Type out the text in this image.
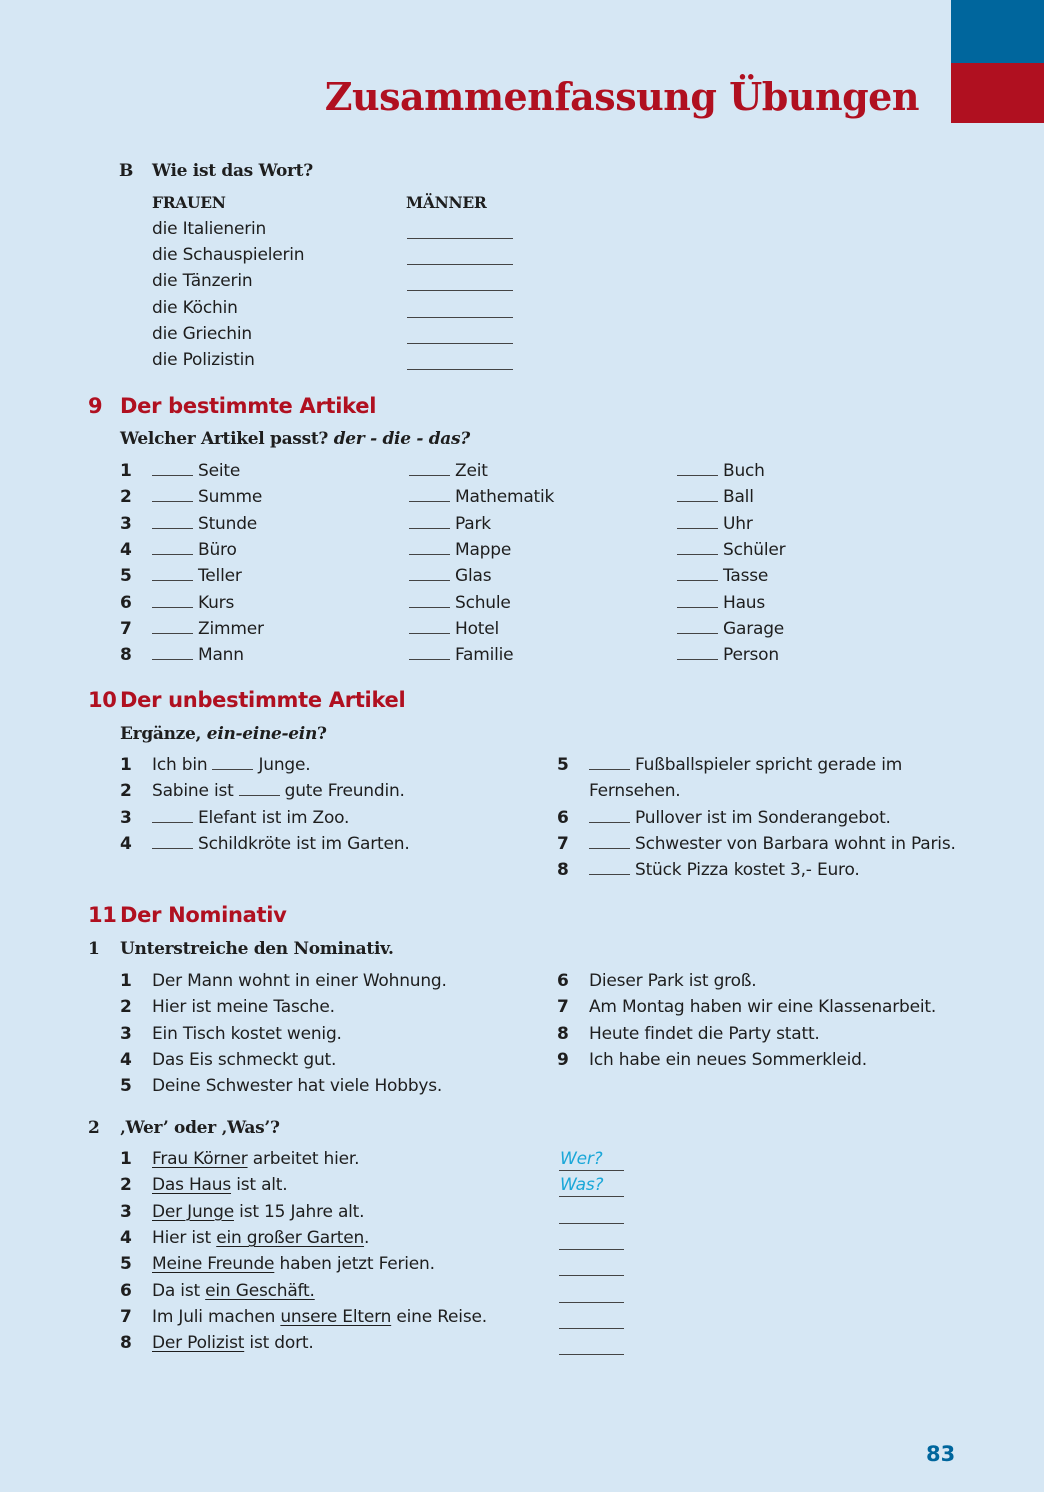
Zusammenfassung Übungen
B Wie ist das Wort?
FRAUEN	MÄNNER
die Italienerin
die Schauspielerin
die Tänzerin
die Köchin
die Griechin
die Polizistin
9 Der bestimmte Artikel
Welcher Artikel passt? der - die - das?
1	Seite	Zeit	Buch
2	Summe	Mathematik	Ball
3	Stunde	Park	Uhr
4	Büro	Mappe	Schüler
5	Teller	Glas	Tasse
6	Kurs	Schule	Haus
7	Zimmer	Hotel	Garage
8	Mann	Familie	Person
10 Der unbestimmte Artikel
Ergänze, ein-eine-ein?
1 Ich bin	Junge.
2 Sabine ist	gute Freundin.
3	Elefant ist im Zoo.
4	Schildkröte ist im Garten.
5	Fußballspieler spricht gerade im
Fernsehen.
6	Pullover ist im Sonderangebot.
7	Schwester von Barbara wohnt in Paris.
8	Stück Pizza kostet 3,- Euro.
11 Der Nominativ
1 Unterstreiche den Nominativ.
1 Der Mann wohnt in einer Wohnung.
2 Hier ist meine Tasche.
3 Ein Tisch kostet wenig.
4 Das Eis schmeckt gut.
5 Deine Schwester hat viele Hobbys.
6 Dieser Park ist groß.
7 Am Montag haben wir eine Klassenarbeit.
8 Heute findet die Party statt.
9 Ich habe ein neues Sommerkleid.
2 ‚Wer’ oder ‚Was’?
1 Frau Körner arbeitet hier.	Wer?
2 Das Haus ist alt.	Was?
3 Der Junge ist 15 Jahre alt.
4 Hier ist ein großer Garten.
5 Meine Freunde haben jetzt Ferien.
6 Da ist ein Geschäft.
7 Im Juli machen unsere Eltern eine Reise.
8 Der Polizist ist dort.
83
